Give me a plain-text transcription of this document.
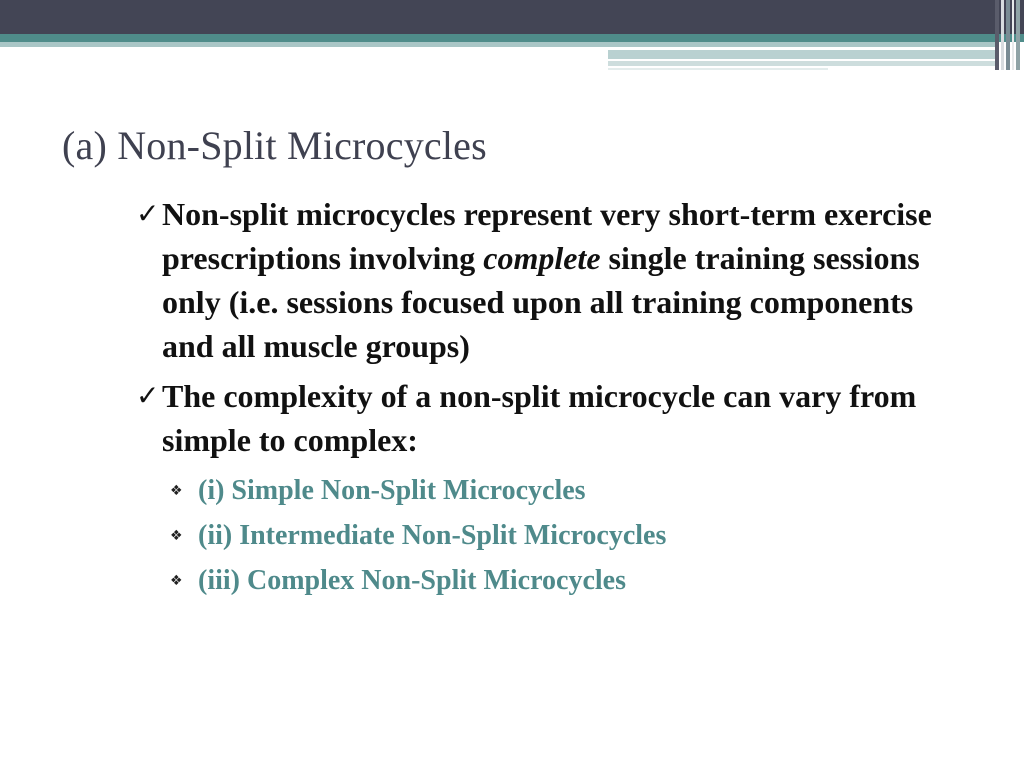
(a) Non-Split Microcycles
✓ Non-split microcycles represent very short-term exercise prescriptions involving complete single training sessions only (i.e. sessions focused upon all training components and all muscle groups)
✓ The complexity of a non-split microcycle can vary from simple to complex:
❖ (i) Simple Non-Split Microcycles
❖ (ii) Intermediate Non-Split Microcycles
❖ (iii) Complex Non-Split Microcycles
